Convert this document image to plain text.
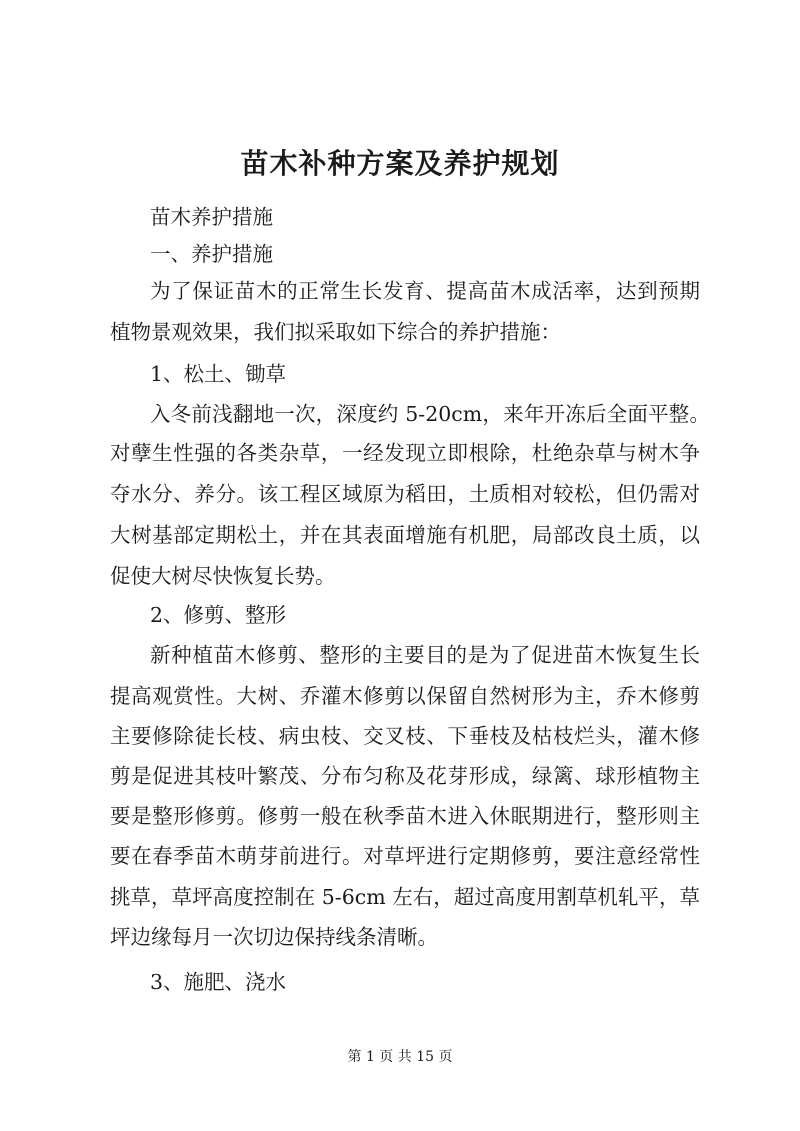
苗木补种方案及养护规划
苗木养护措施
一、养护措施
为了保证苗木的正常生长发育、提高苗木成活率，达到预期
植物景观效果，我们拟采取如下综合的养护措施：
1、松土、锄草
入冬前浅翻地一次，深度约 5-20cm，来年开冻后全面平整。
对孽生性强的各类杂草，一经发现立即根除，杜绝杂草与树木争
夺水分、养分。该工程区域原为稻田，土质相对较松，但仍需对
大树基部定期松土，并在其表面增施有机肥，局部改良土质，以
促使大树尽快恢复长势。
2、修剪、整形
新种植苗木修剪、整形的主要目的是为了促进苗木恢复生长
提高观赏性。大树、乔灌木修剪以保留自然树形为主，乔木修剪
主要修除徒长枝、病虫枝、交叉枝、下垂枝及枯枝烂头，灌木修
剪是促进其枝叶繁茂、分布匀称及花芽形成，绿篱、球形植物主
要是整形修剪。修剪一般在秋季苗木进入休眠期进行，整形则主
要在春季苗木萌芽前进行。对草坪进行定期修剪，要注意经常性
挑草，草坪高度控制在 5-6cm 左右，超过高度用割草机轧平，草
坪边缘每月一次切边保持线条清晰。
3、施肥、浇水
第 1 页 共 15 页
